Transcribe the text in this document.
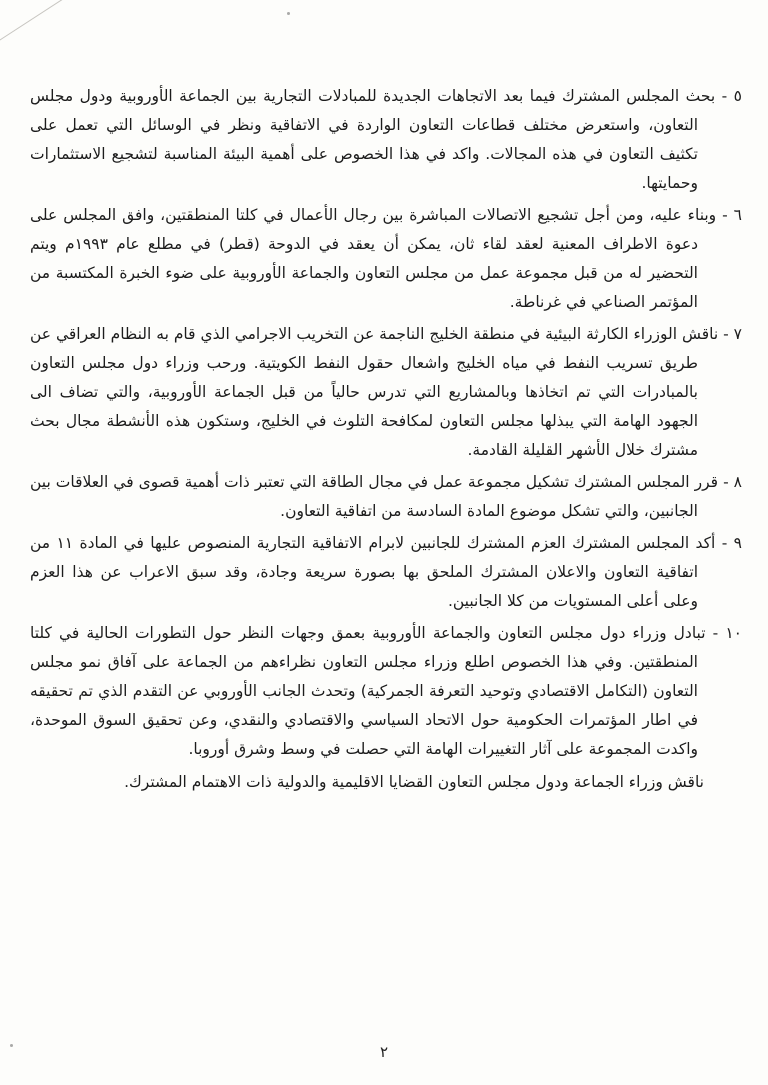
٥ - بحث المجلس المشترك فيما بعد الاتجاهات الجديدة للمبادلات التجارية بين الجماعة الأوروبية ودول مجلس التعاون، واستعرض مختلف قطاعات التعاون الواردة في الاتفاقية ونظر في الوسائل التي تعمل على تكثيف التعاون في هذه المجالات. واكد في هذا الخصوص على أهمية البيئة المناسبة لتشجيع الاستثمارات وحمايتها.

٦ - وبناء عليه، ومن أجل تشجيع الاتصالات المباشرة بين رجال الأعمال في كلتا المنطقتين، وافق المجلس على دعوة الاطراف المعنية لعقد لقاء ثان، يمكن أن يعقد في الدوحة (قطر) في مطلع عام ١٩٩٣م ويتم التحضير له من قبل مجموعة عمل من مجلس التعاون والجماعة الأوروبية على ضوء الخبرة المكتسبة من المؤتمر الصناعي في غرناطة.

٧ - ناقش الوزراء الكارثة البيئية في منطقة الخليج الناجمة عن التخريب الاجرامي الذي قام به النظام العراقي عن طريق تسريب النفط في مياه الخليج واشعال حقول النفط الكويتية. ورحب وزراء دول مجلس التعاون بالمبادرات التي تم اتخاذها وبالمشاريع التي تدرس حالياً من قبل الجماعة الأوروبية، والتي تضاف الى الجهود الهامة التي يبذلها مجلس التعاون لمكافحة التلوث في الخليج، وستكون هذه الأنشطة مجال بحث مشترك خلال الأشهر القليلة القادمة.

٨ - قرر المجلس المشترك تشكيل مجموعة عمل في مجال الطاقة التي تعتبر ذات أهمية قصوى في العلاقات بين الجانبين، والتي تشكل موضوع المادة السادسة من اتفاقية التعاون.

٩ - أكد المجلس المشترك العزم المشترك للجانبين لابرام الاتفاقية التجارية المنصوص عليها في المادة ١١ من اتفاقية التعاون والاعلان المشترك الملحق بها بصورة سريعة وجادة، وقد سبق الاعراب عن هذا العزم وعلى أعلى المستويات من كلا الجانبين.

١٠ - تبادل وزراء دول مجلس التعاون والجماعة الأوروبية بعمق وجهات النظر حول التطورات الحالية في كلتا المنطقتين. وفي هذا الخصوص اطلع وزراء مجلس التعاون نظراءهم من الجماعة على آفاق نمو مجلس التعاون (التكامل الاقتصادي وتوحيد التعرفة الجمركية) وتحدث الجانب الأوروبي عن التقدم الذي تم تحقيقه في اطار المؤتمرات الحكومية حول الاتحاد السياسي والاقتصادي والنقدي، وعن تحقيق السوق الموحدة، واكدت المجموعة على آثار التغييرات الهامة التي حصلت في وسط وشرق أوروبا.

ناقش وزراء الجماعة ودول مجلس التعاون القضايا الاقليمية والدولية ذات الاهتمام المشترك.

٢
